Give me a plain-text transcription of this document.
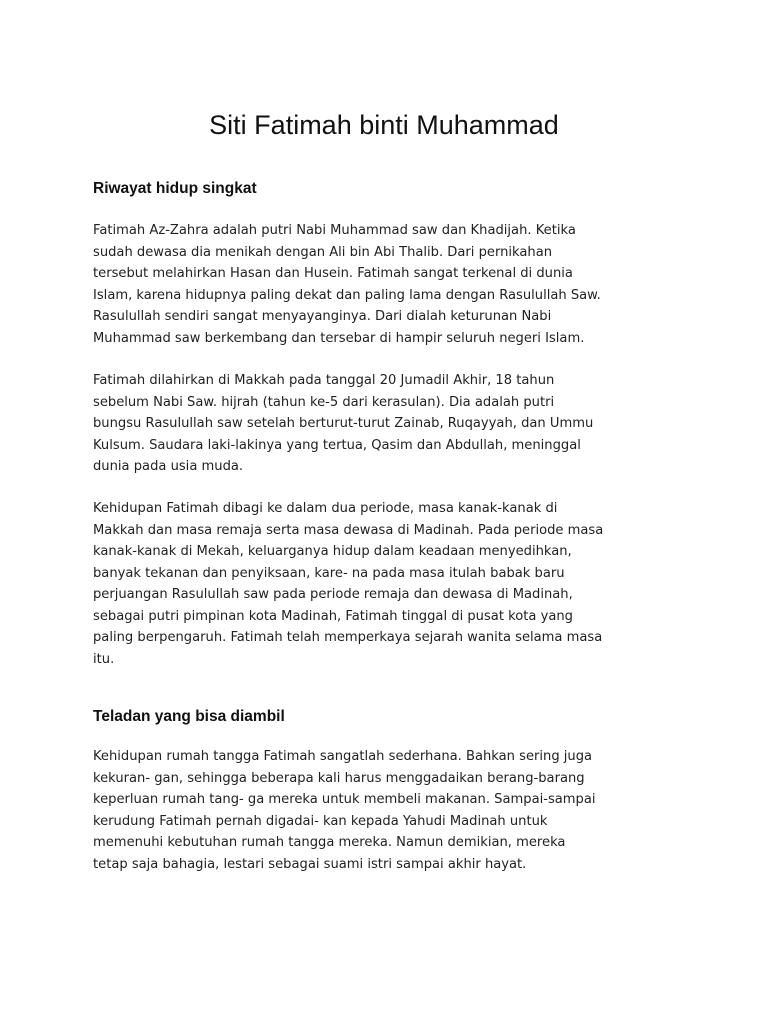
Siti Fatimah binti Muhammad
Riwayat hidup singkat

Fatimah Az-Zahra adalah putri Nabi Muhammad saw dan Khadijah. Ketika
sudah dewasa dia menikah dengan Ali bin Abi Thalib. Dari pernikahan
tersebut melahirkan Hasan dan Husein. Fatimah sangat terkenal di dunia
Islam, karena hidupnya paling dekat dan paling lama dengan Rasulullah Saw.
Rasulullah sendiri sangat menyayanginya. Dari dialah keturunan Nabi
Muhammad saw berkembang dan tersebar di hampir seluruh negeri Islam.

Fatimah dilahirkan di Makkah pada tanggal 20 Jumadil Akhir, 18 tahun
sebelum Nabi Saw. hijrah (tahun ke-5 dari kerasulan). Dia adalah putri
bungsu Rasulullah saw setelah berturut-turut Zainab, Ruqayyah, dan Ummu
Kulsum. Saudara laki-lakinya yang tertua, Qasim dan Abdullah, meninggal
dunia pada usia muda.

Kehidupan Fatimah dibagi ke dalam dua periode, masa kanak-kanak di
Makkah dan masa remaja serta masa dewasa di Madinah. Pada periode masa
kanak-kanak di Mekah, keluarganya hidup dalam keadaan menyedihkan,
banyak tekanan dan penyiksaan, kare- na pada masa itulah babak baru
perjuangan Rasulullah saw pada periode remaja dan dewasa di Madinah,
sebagai putri pimpinan kota Madinah, Fatimah tinggal di pusat kota yang
paling berpengaruh. Fatimah telah memperkaya sejarah wanita selama masa
itu.

Teladan yang bisa diambil

Kehidupan rumah tangga Fatimah sangatlah sederhana. Bahkan sering juga
kekuran- gan, sehingga beberapa kali harus menggadaikan berang-barang
keperluan rumah tang- ga mereka untuk membeli makanan. Sampai-sampai
kerudung Fatimah pernah digadai- kan kepada Yahudi Madinah untuk
memenuhi kebutuhan rumah tangga mereka. Namun demikian, mereka
tetap saja bahagia, lestari sebagai suami istri sampai akhir hayat.
